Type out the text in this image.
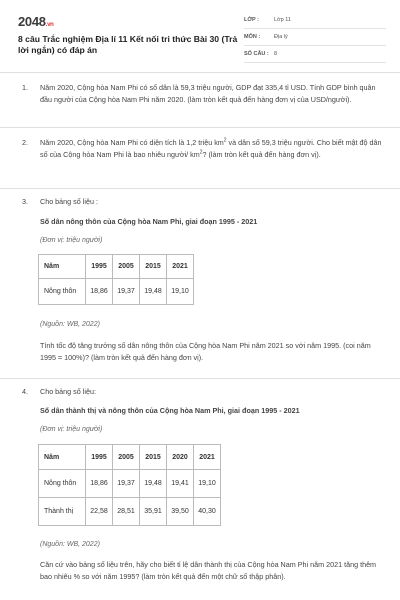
2048.vn
8 câu Trắc nghiệm Địa lí 11 Kết nối tri thức Bài 30 (Trả lời ngắn) có đáp án
LỚP :	Lớp 11
MÔN :	Địa lý
SỐ CÂU : 8
1. Năm 2020, Cộng hòa Nam Phi có số dân là 59,3 triệu người, GDP đạt 335,4 tỉ USD. Tính GDP bình quân đầu người của Cộng hòa Nam Phi năm 2020. (làm tròn kết quả đến hàng đơn vị của USD/người).
2. Năm 2020, Cộng hòa Nam Phi có diện tích là 1,2 triệu $km^2$ và dân số 59,3 triệu người. Cho biết mật độ dân số của Cộng hòa Nam Phi là bao nhiêu người/ $km^2$? (làm tròn kết quả đến hàng đơn vị).
3. Cho bảng số liệu :
Số dân nông thôn của Cộng hòa Nam Phi, giai đoạn 1995 - 2021
(Đơn vị: triệu người)
Năm	1995	2005	2015	2021
Nông thôn	18,86	19,37	19,48	19,10
(Nguồn: WB, 2022)
Tính tốc độ tăng trưởng số dân nông thôn của Cộng hòa Nam Phi năm 2021 so với năm 1995. (coi năm 1995 = 100%)? (làm tròn kết quả đến hàng đơn vị).
4. Cho bảng số liệu:
Số dân thành thị và nông thôn của Cộng hòa Nam Phi, giai đoạn 1995 - 2021
(Đơn vị: triệu người)
Năm	1995	2005	2015	2020	2021
Nông thôn	18,86	19,37	19,48	19,41	19,10
Thành thị	22,58	28,51	35,91	39,50	40,30
(Nguồn: WB, 2022)
Căn cứ vào bảng số liệu trên, hãy cho biết tỉ lệ dân thành thị của Cộng hòa Nam Phi năm 2021 tăng thêm bao nhiêu % so với năm 1995? (làm tròn kết quả đến một chữ số thập phân).
